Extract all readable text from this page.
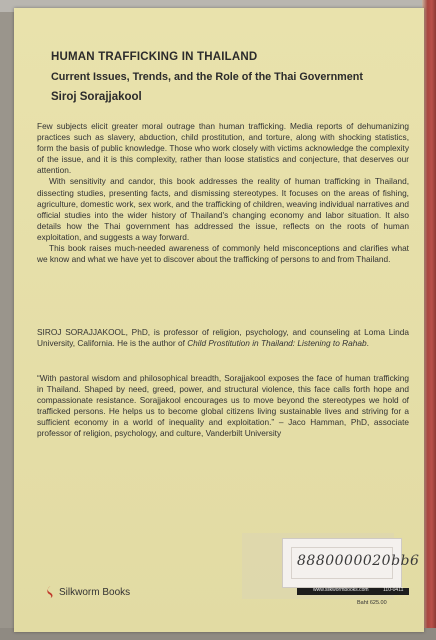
HUMAN TRAFFICKING IN THAILAND
Current Issues, Trends, and the Role of the Thai Government
Siroj Sorajjakool

Few subjects elicit greater moral outrage than human trafficking. Media reports of dehumanizing practices such as slavery, abduction, child prostitution, and torture, along with shocking statistics, form the basis of public knowledge. Those who work closely with victims acknowledge the complexity of the issue, and it is this complexity, rather than loose statistics and conjecture, that deserves our attention.

With sensitivity and candor, this book addresses the reality of human trafficking in Thailand, dissecting studies, presenting facts, and dismissing stereotypes. It focuses on the areas of fishing, agriculture, domestic work, sex work, and the trafficking of children, weaving individual narratives and official studies into the wider history of Thailand's changing economy and labor situation. It also details how the Thai government has addressed the issue, reflects on the roots of human exploitation, and suggests a way forward.

This book raises much-needed awareness of commonly held misconceptions and clarifies what we know and what we have yet to discover about the trafficking of persons to and from Thailand.

SIROJ SORAJJAKOOL, PhD, is professor of religion, psychology, and counseling at Loma Linda University, California. He is the author of Child Prostitution in Thailand: Listening to Rahab.

“With pastoral wisdom and philosophical breadth, Sorajjakool exposes the face of human trafficking in Thailand. Shaped by need, greed, power, and structural violence, this face calls forth hope and compassionate resistance. Sorajjakool encourages us to move beyond the stereotypes we hold of trafficked persons. He helps us to become global citizens living sustainable lives and striving for a sufficient economy in a world of inequality and exploitation.” – Jaco Hamman, PhD, associate professor of religion, psychology, and culture, Vanderbilt University

8880000020bb6
www.silkwormbooks.com	110-0411
Baht 625.00
Silkworm Books
